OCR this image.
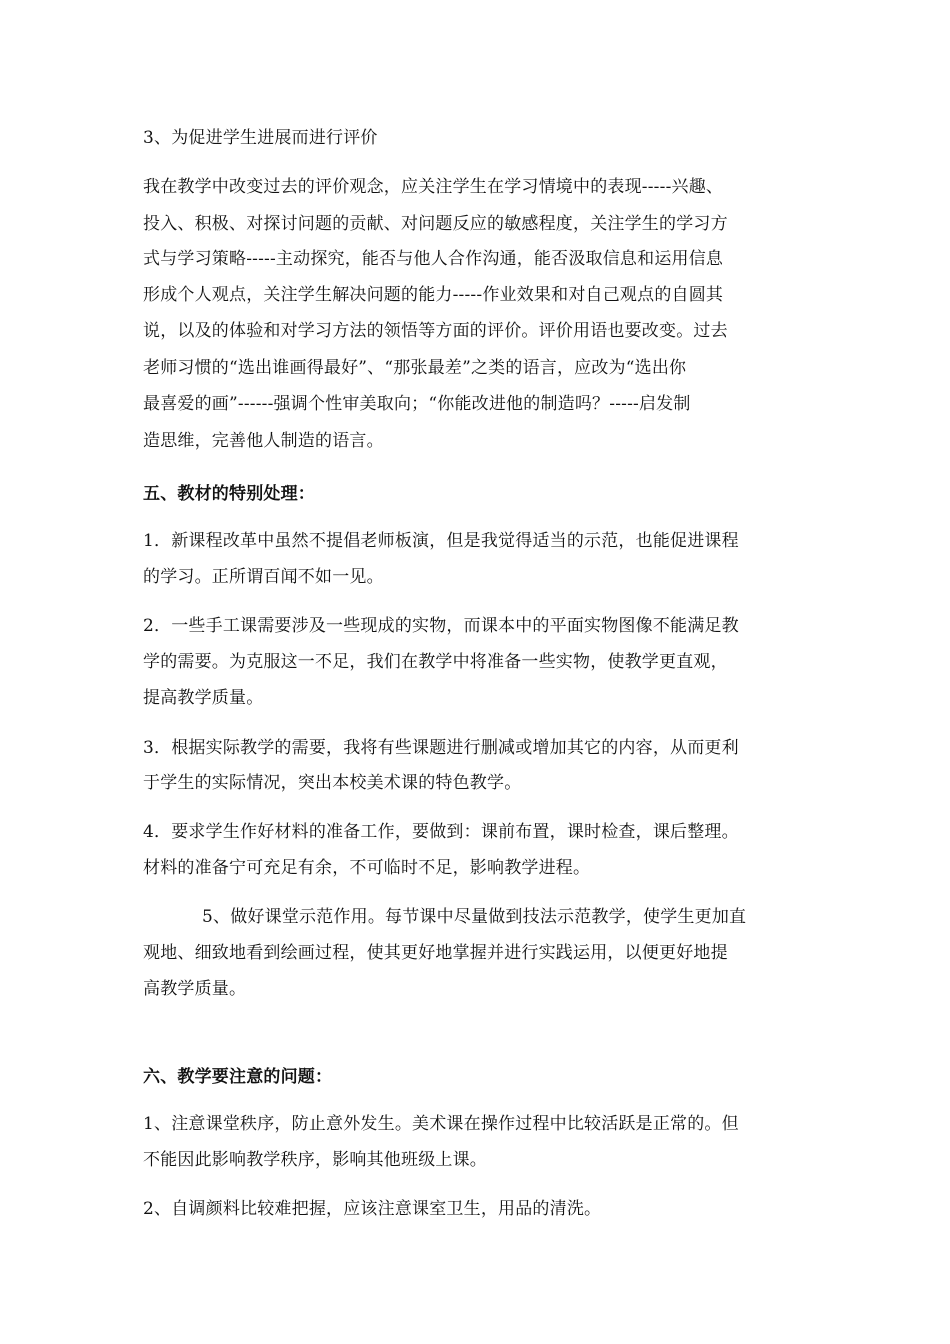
3、为促进学生进展而进行评价
我在教学中改变过去的评价观念，应关注学生在学习情境中的表现-----兴趣、
投入、积极、对探讨问题的贡献、对问题反应的敏感程度，关注学生的学习方
式与学习策略-----主动探究，能否与他人合作沟通，能否汲取信息和运用信息
形成个人观点，关注学生解决问题的能力-----作业效果和对自己观点的自圆其
说，以及的体验和对学习方法的领悟等方面的评价。评价用语也要改变。过去
老师习惯的“选出谁画得最好”、“那张最差”之类的语言，应改为“选出你
最喜爱的画”------强调个性审美取向；“你能改进他的制造吗？-----启发制
造思维，完善他人制造的语言。
五、教材的特别处理：
1．新课程改革中虽然不提倡老师板演，但是我觉得适当的示范，也能促进课程
的学习。正所谓百闻不如一见。
2．一些手工课需要涉及一些现成的实物，而课本中的平面实物图像不能满足教
学的需要。为克服这一不足，我们在教学中将准备一些实物，使教学更直观，
提高教学质量。
3．根据实际教学的需要，我将有些课题进行删减或增加其它的内容，从而更利
于学生的实际情况，突出本校美术课的特色教学。
4．要求学生作好材料的准备工作，要做到：课前布置，课时检查，课后整理。
材料的准备宁可充足有余，不可临时不足，影响教学进程。
5、做好课堂示范作用。每节课中尽量做到技法示范教学，使学生更加直
观地、细致地看到绘画过程，使其更好地掌握并进行实践运用，以便更好地提
高教学质量。
六、教学要注意的问题：
1、注意课堂秩序，防止意外发生。美术课在操作过程中比较活跃是正常的。但
不能因此影响教学秩序，影响其他班级上课。
2、自调颜料比较难把握，应该注意课室卫生，用品的清洗。
